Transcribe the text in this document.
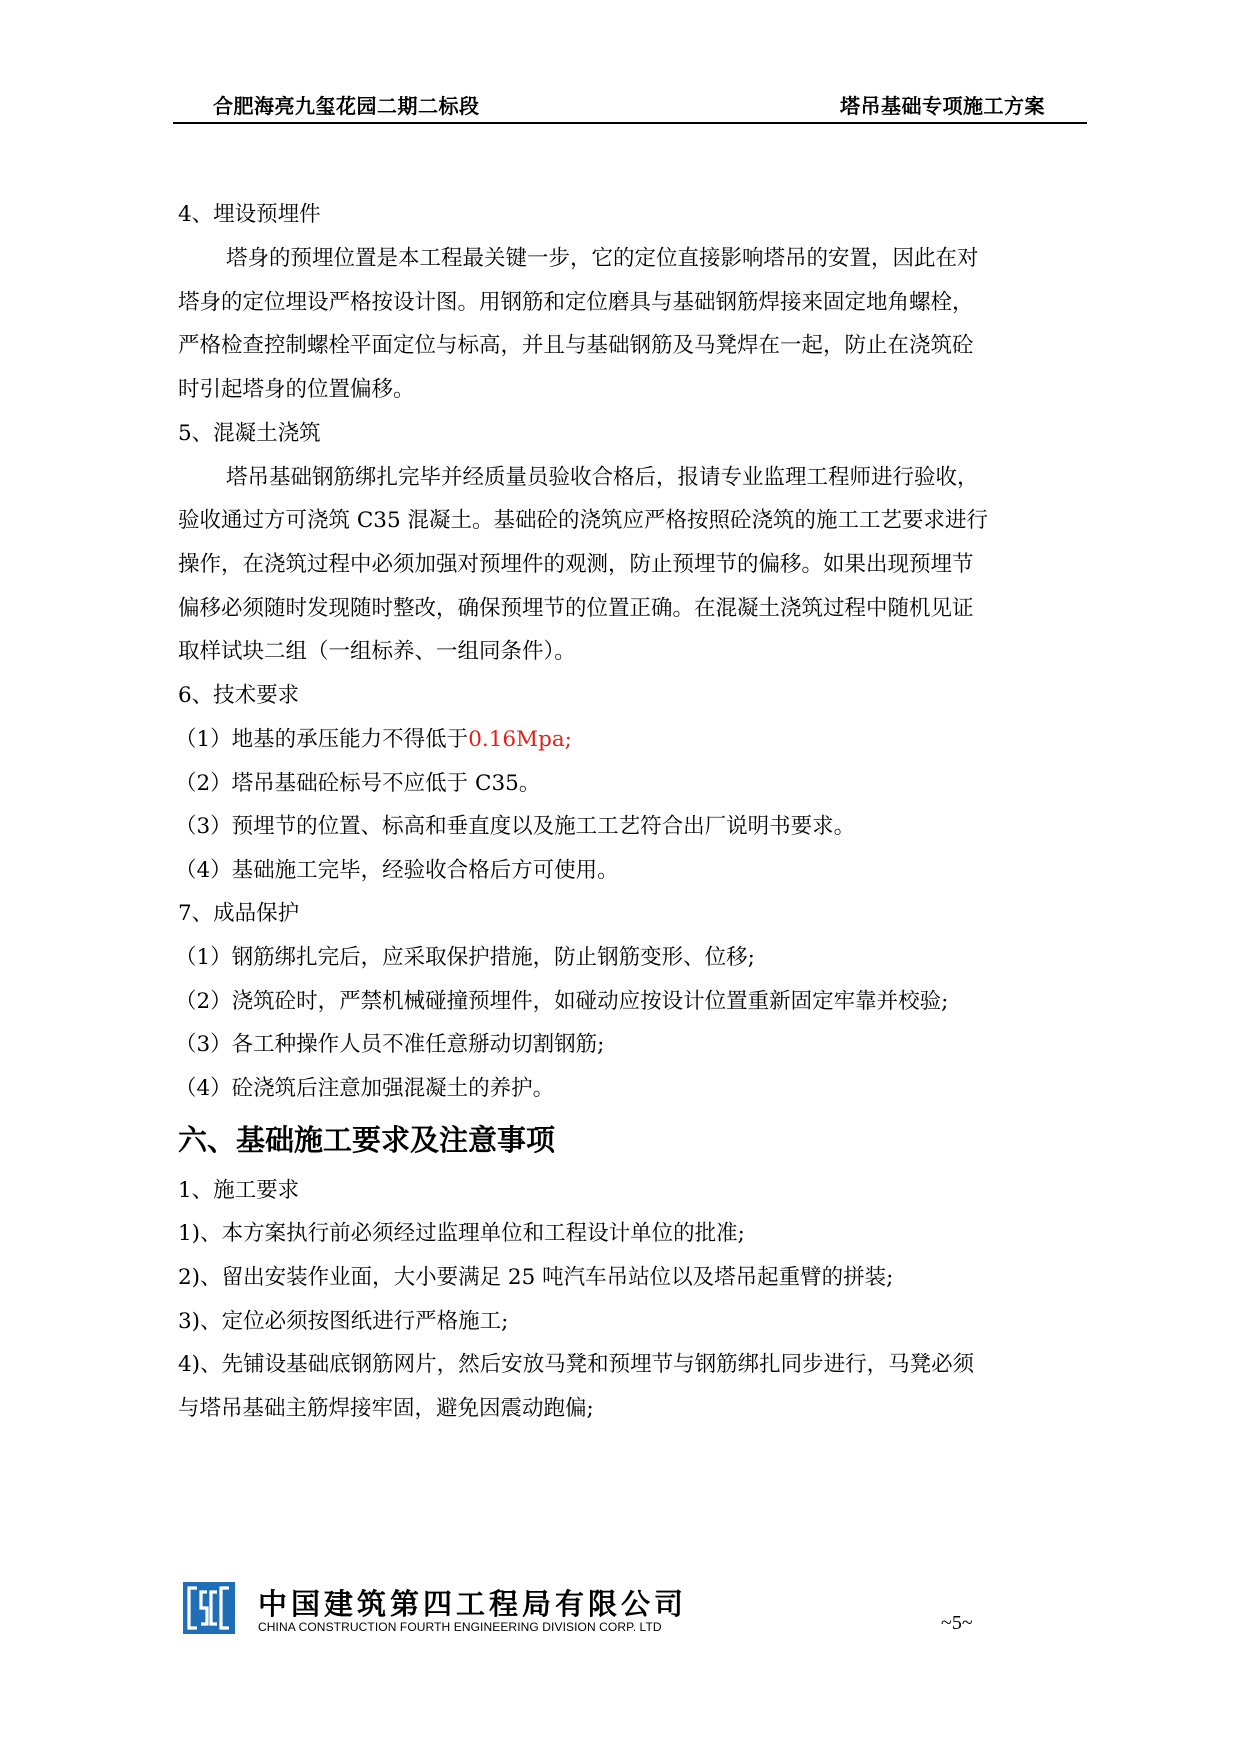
合肥海亮九玺花园二期二标段	塔吊基础专项施工方案
4、埋设预埋件
塔身的预埋位置是本工程最关键一步，它的定位直接影响塔吊的安置，因此在对
塔身的定位埋设严格按设计图。用钢筋和定位磨具与基础钢筋焊接来固定地角螺栓，
严格检查控制螺栓平面定位与标高，并且与基础钢筋及马凳焊在一起，防止在浇筑砼
时引起塔身的位置偏移。
5、混凝土浇筑
塔吊基础钢筋绑扎完毕并经质量员验收合格后，报请专业监理工程师进行验收，
验收通过方可浇筑 C35 混凝土。基础砼的浇筑应严格按照砼浇筑的施工工艺要求进行
操作，在浇筑过程中必须加强对预埋件的观测，防止预埋节的偏移。如果出现预埋节
偏移必须随时发现随时整改，确保预埋节的位置正确。在混凝土浇筑过程中随机见证
取样试块二组（一组标养、一组同条件）。
6、技术要求
（1）地基的承压能力不得低于0.16Mpa;
（2）塔吊基础砼标号不应低于 C35。
（3）预埋节的位置、标高和垂直度以及施工工艺符合出厂说明书要求。
（4）基础施工完毕，经验收合格后方可使用。
7、成品保护
（1）钢筋绑扎完后，应采取保护措施，防止钢筋变形、位移;
（2）浇筑砼时，严禁机械碰撞预埋件，如碰动应按设计位置重新固定牢靠并校验;
（3）各工种操作人员不准任意掰动切割钢筋;
（4）砼浇筑后注意加强混凝土的养护。
六、基础施工要求及注意事项
1、施工要求
1)、本方案执行前必须经过监理单位和工程设计单位的批准;
2)、留出安装作业面，大小要满足 25 吨汽车吊站位以及塔吊起重臂的拼装;
3)、定位必须按图纸进行严格施工;
4)、先铺设基础底钢筋网片，然后安放马凳和预埋节与钢筋绑扎同步进行，马凳必须
与塔吊基础主筋焊接牢固，避免因震动跑偏;
中国建筑第四工程局有限公司
CHINA CONSTRUCTION FOURTH ENGINEERING DIVISION CORP. LTD	~5~
